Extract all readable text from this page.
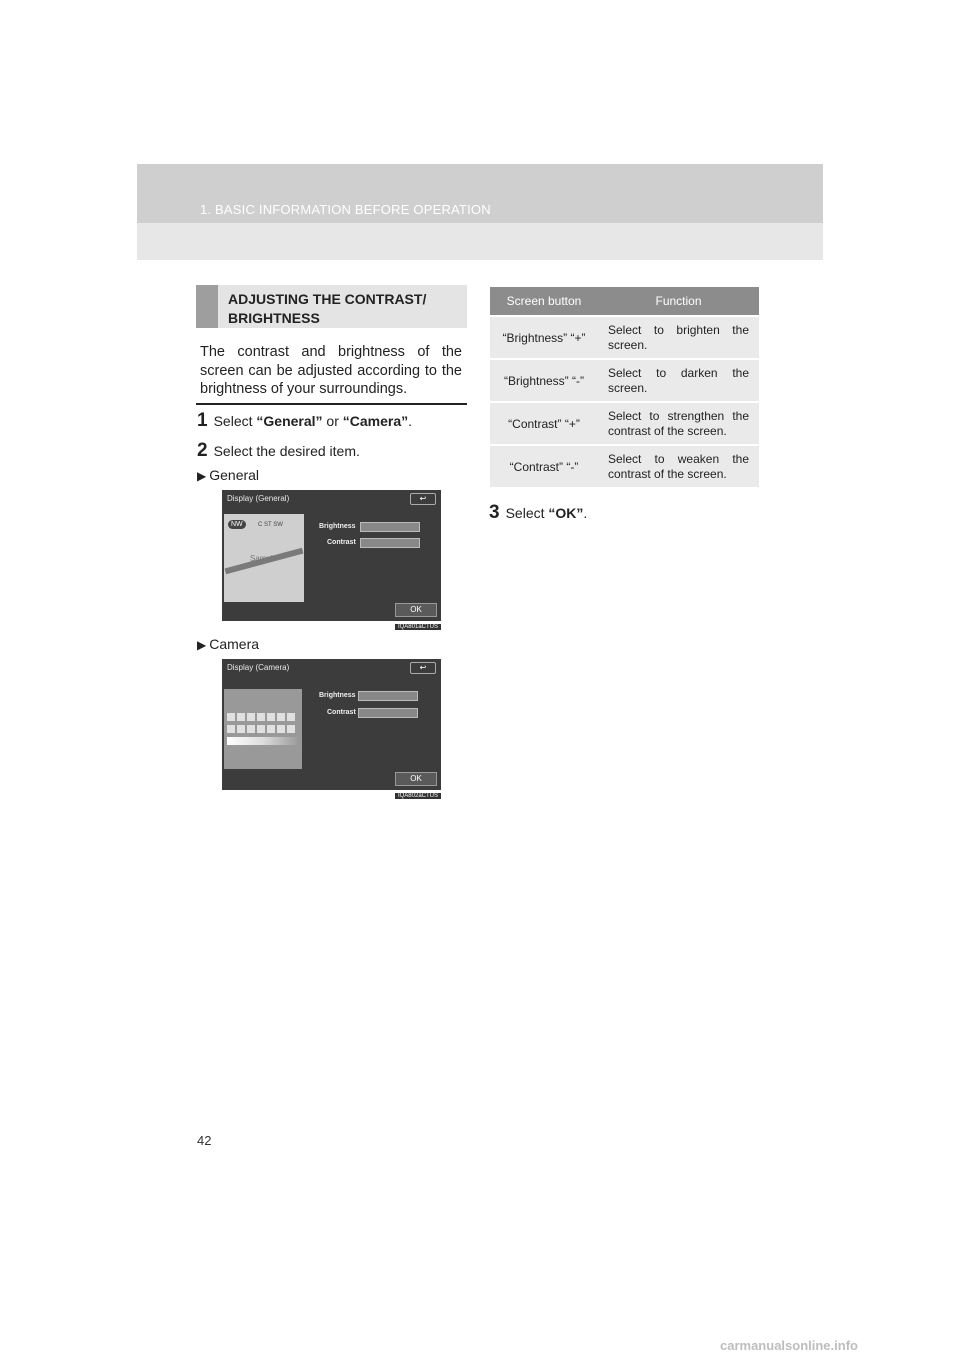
1. BASIC INFORMATION BEFORE OPERATION
ADJUSTING THE CONTRAST/ BRIGHTNESS
The contrast and brightness of the screen can be adjusted according to the brightness of your surroundings.
1 Select “General” or “Camera”.
2 Select the desired item.
▶ General
Display (General)	↩
NW	C ST SW
Sample
Brightness
Contrast
OK
IQA801aCTUS
▶ Camera
Display (Camera)	↩
Brightness
Contrast
OK
IQA802aCTUS
Screen button	Function
“Brightness” “+”	Select to brighten the screen.
“Brightness” “-”	Select to darken the screen.
“Contrast” “+”	Select to strengthen the contrast of the screen.
“Contrast” “-”	Select to weaken the contrast of the screen.
3 Select “OK”.
42
carmanualsonline.info
